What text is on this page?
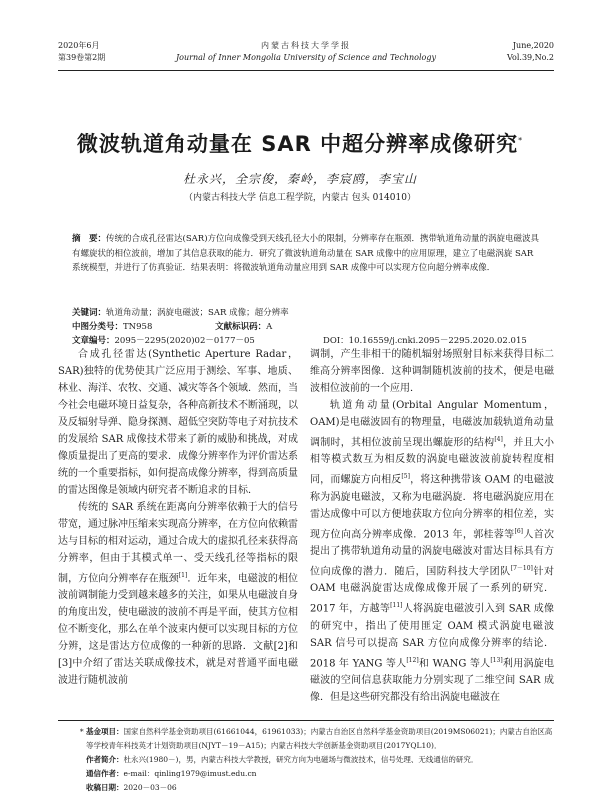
2020年6月
第39卷第2期
内蒙古科技大学学报
Journal of Inner Mongolia University of Science and Technology
June,2020
Vol.39,No.2
微波轨道角动量在 SAR 中超分辨率成像研究*
杜永兴，全宗俊，秦岭，李宸鸥，李宝山
（内蒙古科技大学 信息工程学院，内蒙古 包头 014010）
摘　要：传统的合成孔径雷达(SAR)方位向成像受到天线孔径大小的限制，分辨率存在瓶颈．携带轨道角动量的涡旋电磁波具有螺旋状的相位波前，增加了其信息获取的能力．研究了微波轨道角动量在 SAR 成像中的应用原理，建立了电磁涡旋 SAR 系统模型，并进行了仿真验证．结果表明：将微波轨道角动量应用到 SAR 成像中可以实现方位向超分辨率成像．
关键词：轨道角动量；涡旋电磁波；SAR 成像；超分辨率
中图分类号：TN958	文献标识码：A
文章编号：2095－2295(2020)02－0177－05	DOI：10.16559/j.cnki.2095－2295.2020.02.015

合成孔径雷达(Synthetic Aperture Radar，SAR)独特的优势使其广泛应用于测绘、军事、地质、林业、海洋、农牧、交通、减灾等各个领域．然而，当今社会电磁环境日益复杂，各种高新技术不断涌现，以及反辐射导弹、隐身探测、超低空突防等电子对抗技术的发展给 SAR 成像技术带来了新的威胁和挑战，对成像质量提出了更高的要求．成像分辨率作为评价雷达系统的一个重要指标，如何提高成像分辨率，得到高质量的雷达图像是领域内研究者不断追求的目标．

传统的 SAR 系统在距离向分辨率依赖于大的信号带宽，通过脉冲压缩来实现高分辨率，在方位向依赖雷达与目标的相对运动，通过合成大的虚拟孔径来获得高分辨率，但由于其模式单一、受天线孔径等指标的限制，方位向分辨率存在瓶颈[1]．近年来，电磁波的相位波前调制能力受到越来越多的关注，如果从电磁波自身的角度出发，使电磁波的波前不再是平面，使其方位相位不断变化，那么在单个波束内便可以实现目标的方位分辨，这是雷达方位成像的一种新的思路．文献[2]和[3]中介绍了雷达关联成像技术，就是对普通平面电磁波进行随机波前

调制，产生非相干的随机辐射场照射目标来获得目标二维高分辨率图像．这种调制随机波前的技术，便是电磁波相位波前的一个应用．

轨道角动量(Orbital Angular Momentum，OAM)是电磁波固有的物理量，电磁波加载轨道角动量调制时，其相位波前呈现出螺旋形的结构[4]，并且大小相等模式数互为相反数的涡旋电磁波波前旋转程度相同，而螺旋方向相反[5]，将这种携带该 OAM 的电磁波称为涡旋电磁波，又称为电磁涡旋．将电磁涡旋应用在雷达成像中可以方便地获取方位向分辨率的相位差，实现方位向高分辨率成像．2013 年，郭桂蓉等[6]人首次提出了携带轨道角动量的涡旋电磁波对雷达目标具有方位向成像的潜力．随后，国防科技大学团队[7－10]针对 OAM 电磁涡旋雷达成像成像开展了一系列的研究．2017 年，方越等[11]人将涡旋电磁波引入到 SAR 成像的研究中，指出了使用匪定 OAM 模式涡旋电磁波 SAR 信号可以提高 SAR 方位向成像分辨率的结论．2018 年 YANG 等人[12]和 WANG 等人[13]利用涡旋电磁波的空间信息获取能力分别实现了二维空间 SAR 成像．但是这些研究都没有给出涡旋电磁波在

* 基金项目：国家自然科学基金资助项目(61661044，61961033)；内蒙古自治区自然科学基金资助项目(2019MS06021)；内蒙古自治区高等学校青年科技英才计划资助项目(NJYT－19－A15)；内蒙古科技大学创新基金资助项目(2017YQL10)．
作者简介：杜永兴(1980－)，男，内蒙古科技大学教授，研究方向为电磁场与微波技术，信号处理、无线通信的研究．
通信作者：e-mail：qinling1979@imust.edu.cn
收稿日期：2020－03－06
